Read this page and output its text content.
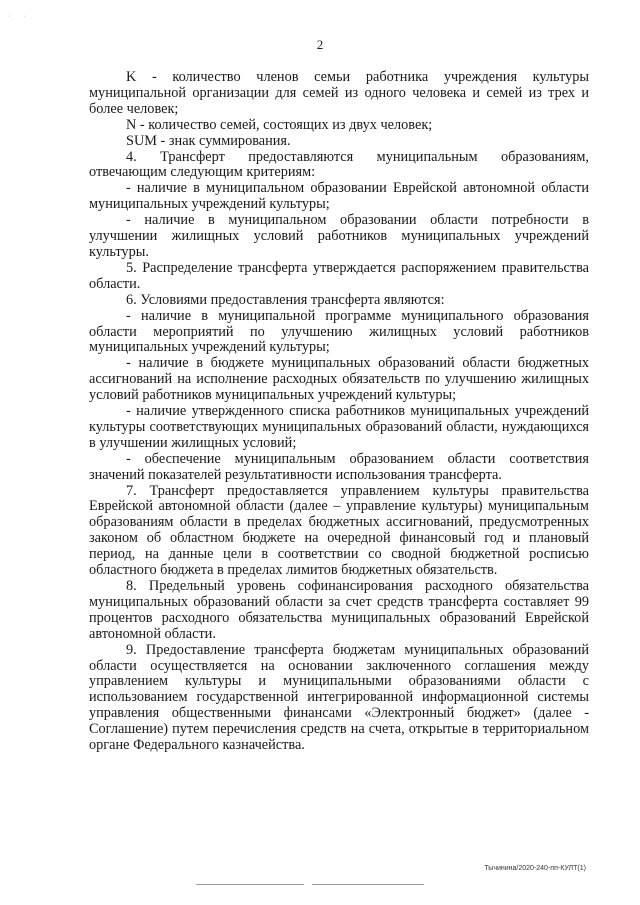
· ·
2

K - количество членов семьи работника учреждения культуры муниципальной организации для семей из одного человека и семей из трех и более человек;

N - количество семей, состоящих из двух человек;

SUM - знак суммирования.

4. Трансферт предоставляются муниципальным образованиям, отвечающим следующим критериям:

- наличие в муниципальном образовании Еврейской автономной области муниципальных учреждений культуры;

- наличие в муниципальном образовании области потребности в улучшении жилищных условий работников муниципальных учреждений культуры.

5. Распределение трансферта утверждается распоряжением правительства области.

6. Условиями предоставления трансферта являются:

- наличие в муниципальной программе муниципального образования области мероприятий по улучшению жилищных условий работников муниципальных учреждений культуры;

- наличие в бюджете муниципальных образований области бюджетных ассигнований на исполнение расходных обязательств по улучшению жилищных условий работников муниципальных учреждений культуры;

- наличие утвержденного списка работников муниципальных учреждений культуры соответствующих муниципальных образований области, нуждающихся в улучшении жилищных условий;

- обеспечение муниципальным образованием области соответствия значений показателей результативности использования трансферта.

7. Трансферт предоставляется управлением культуры правительства Еврейской автономной области (далее – управление культуры) муниципальным образованиям области в пределах бюджетных ассигнований, предусмотренных законом об областном бюджете на очередной финансовый год и плановый период, на данные цели в соответствии со сводной бюджетной росписью областного бюджета в пределах лимитов бюджетных обязательств.

8. Предельный уровень софинансирования расходного обязательства муниципальных образований области за счет средств трансферта составляет 99 процентов расходного обязательства муниципальных образований Еврейской автономной области.

9. Предоставление трансферта бюджетам муниципальных образований области осуществляется на основании заключенного соглашения между управлением культуры и муниципальными образованиями области с использованием государственной интегрированной информационной системы управления общественными финансами «Электронный бюджет» (далее - Соглашение) путем перечисления средств на счета, открытые в территориальном органе Федерального казначейства.

Тычинина/2020-240-пп-КУЛТ(1)
